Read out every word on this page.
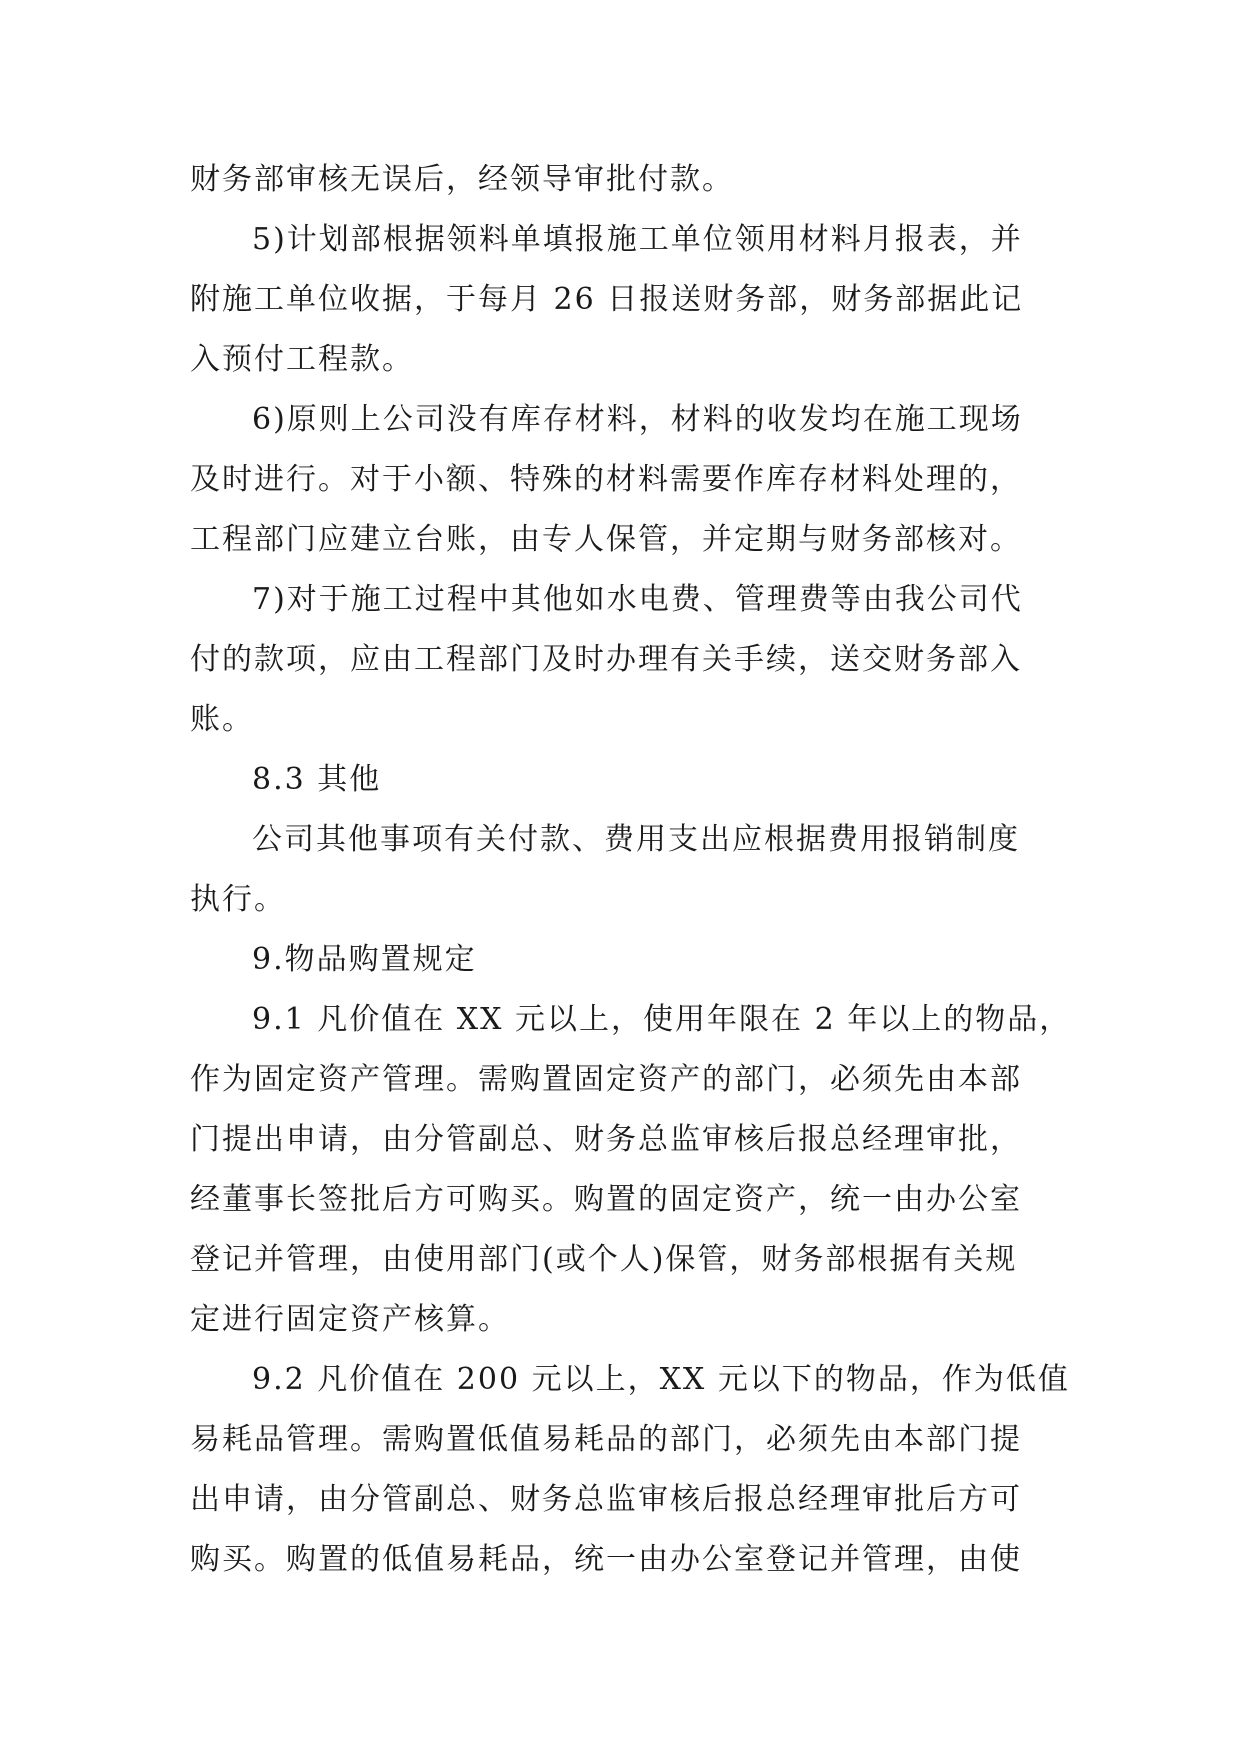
财务部审核无误后，经领导审批付款。
5)计划部根据领料单填报施工单位领用材料月报表，并
附施工单位收据，于每月 26 日报送财务部，财务部据此记
入预付工程款。
6)原则上公司没有库存材料，材料的收发均在施工现场
及时进行。对于小额、特殊的材料需要作库存材料处理的，
工程部门应建立台账，由专人保管，并定期与财务部核对。
7)对于施工过程中其他如水电费、管理费等由我公司代
付的款项，应由工程部门及时办理有关手续，送交财务部入
账。
8.3 其他
公司其他事项有关付款、费用支出应根据费用报销制度
执行。
9.物品购置规定
9.1 凡价值在 XX 元以上，使用年限在 2 年以上的物品，
作为固定资产管理。需购置固定资产的部门，必须先由本部
门提出申请，由分管副总、财务总监审核后报总经理审批，
经董事长签批后方可购买。购置的固定资产，统一由办公室
登记并管理，由使用部门(或个人)保管，财务部根据有关规
定进行固定资产核算。
9.2 凡价值在 200 元以上，XX 元以下的物品，作为低值
易耗品管理。需购置低值易耗品的部门，必须先由本部门提
出申请，由分管副总、财务总监审核后报总经理审批后方可
购买。购置的低值易耗品，统一由办公室登记并管理，由使
